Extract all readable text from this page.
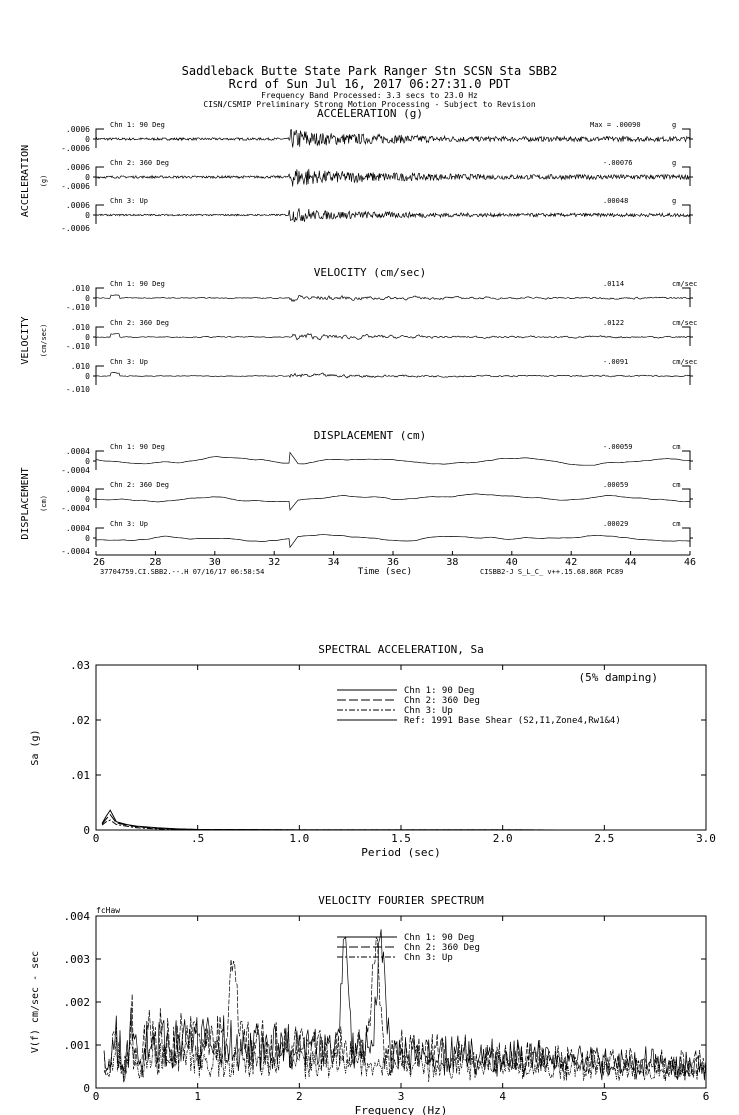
Saddleback Butte State Park Ranger Stn SCSN Sta SBB2
Rcrd of Sun Jul 16, 2017 06:27:31.0 PDT
Frequency Band Processed: 3.3 secs to 23.0 Hz
CISN/CSMIP Preliminary Strong Motion Processing - Subject to Revision
ACCELERATION (g)
ACCELERATION (g)
Chn 1: 90 Deg	Max = .00090	g
0
.0006
-.0006
Chn 2: 360 Deg	-.00076	g
0
.0006
-.0006
Chn 3: Up	.00048	g
0
.0006
-.0006
VELOCITY (cm/sec)
VELOCITY (cm/sec)
Chn 1: 90 Deg	.0114	cm/sec
0
.010
-.010
Chn 2: 360 Deg	.0122	cm/sec
0
.010
-.010
Chn 3: Up	-.0091	cm/sec
0
.010
-.010
DISPLACEMENT (cm)
DISPLACEMENT (cm)
Chn 1: 90 Deg	-.00059	cm
0
.0004
-.0004
Chn 2: 360 Deg	.00059	cm
0
.0004
-.0004
Chn 3: Up	.00029	cm
0
.0004
-.0004
26	28	30	32	34	36	38	40	42	44	46
Time (sec)
37704759.CI.SBB2.--.H 07/16/17 06:58:54	CISBB2-J S_L_C_ v++.15.68.86R PC89
SPECTRAL ACCELERATION, Sa
Period (sec)
Sa (g)
0	.5	1.0	1.5	2.0	2.5	3.0
0
.01
.02
.03
(5% damping)
Chn 1: 90 Deg
Chn 2: 360 Deg
Chn 3: Up
Ref: 1991 Base Shear (S2,I1,Zone4,Rw1&4)
VELOCITY FOURIER SPECTRUM
Frequency (Hz)
V(f) cm/sec - sec
0	1	2	3	4	5	6
0
.001
.002
.003
.004 fcHaw
Chn 1: 90 Deg
Chn 2: 360 Deg
Chn 3: Up
